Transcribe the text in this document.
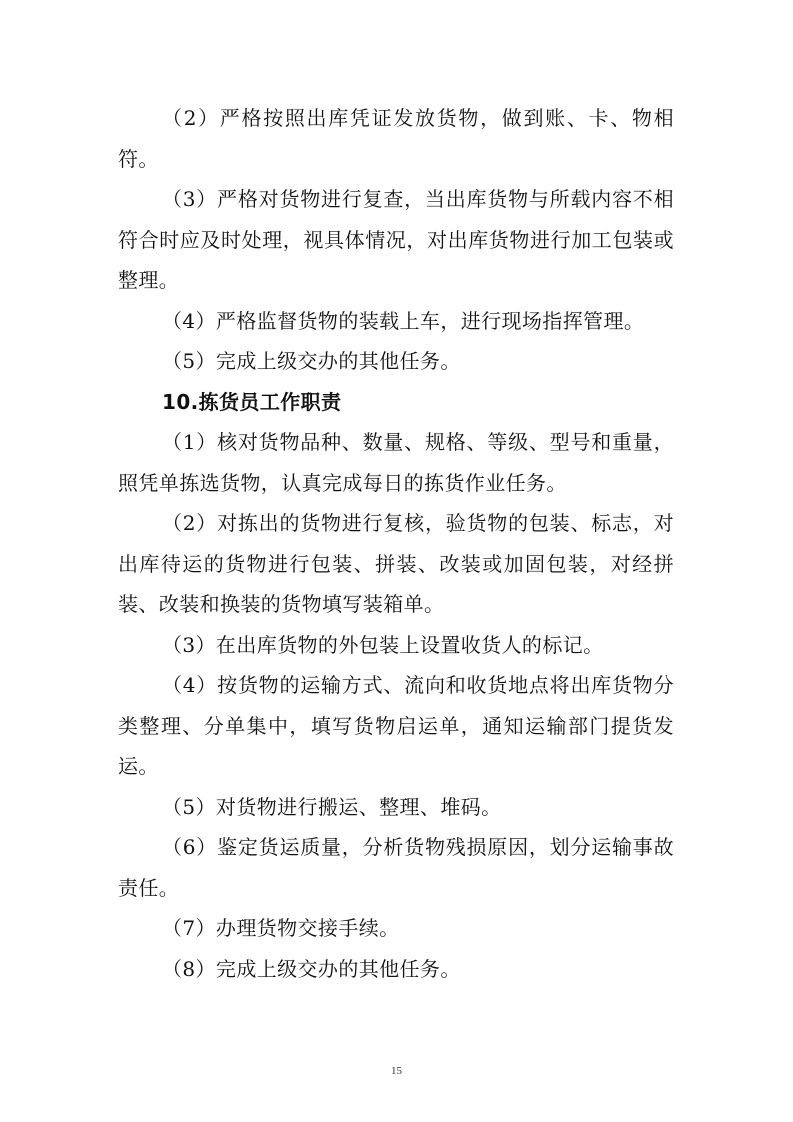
（2）严格按照出库凭证发放货物，做到账、卡、物相符。

（3）严格对货物进行复查，当出库货物与所载内容不相符合时应及时处理，视具体情况，对出库货物进行加工包装或整理。

（4）严格监督货物的装载上车，进行现场指挥管理。

（5）完成上级交办的其他任务。

10.拣货员工作职责

（1）核对货物品种、数量、规格、等级、型号和重量，照凭单拣选货物，认真完成每日的拣货作业任务。

（2）对拣出的货物进行复核，验货物的包装、标志，对出库待运的货物进行包装、拼装、改装或加固包装，对经拼装、改装和换装的货物填写装箱单。

（3）在出库货物的外包装上设置收货人的标记。

（4）按货物的运输方式、流向和收货地点将出库货物分类整理、分单集中，填写货物启运单，通知运输部门提货发运。

（5）对货物进行搬运、整理、堆码。

（6）鉴定货运质量，分析货物残损原因，划分运输事故责任。

（7）办理货物交接手续。

（8）完成上级交办的其他任务。

15
